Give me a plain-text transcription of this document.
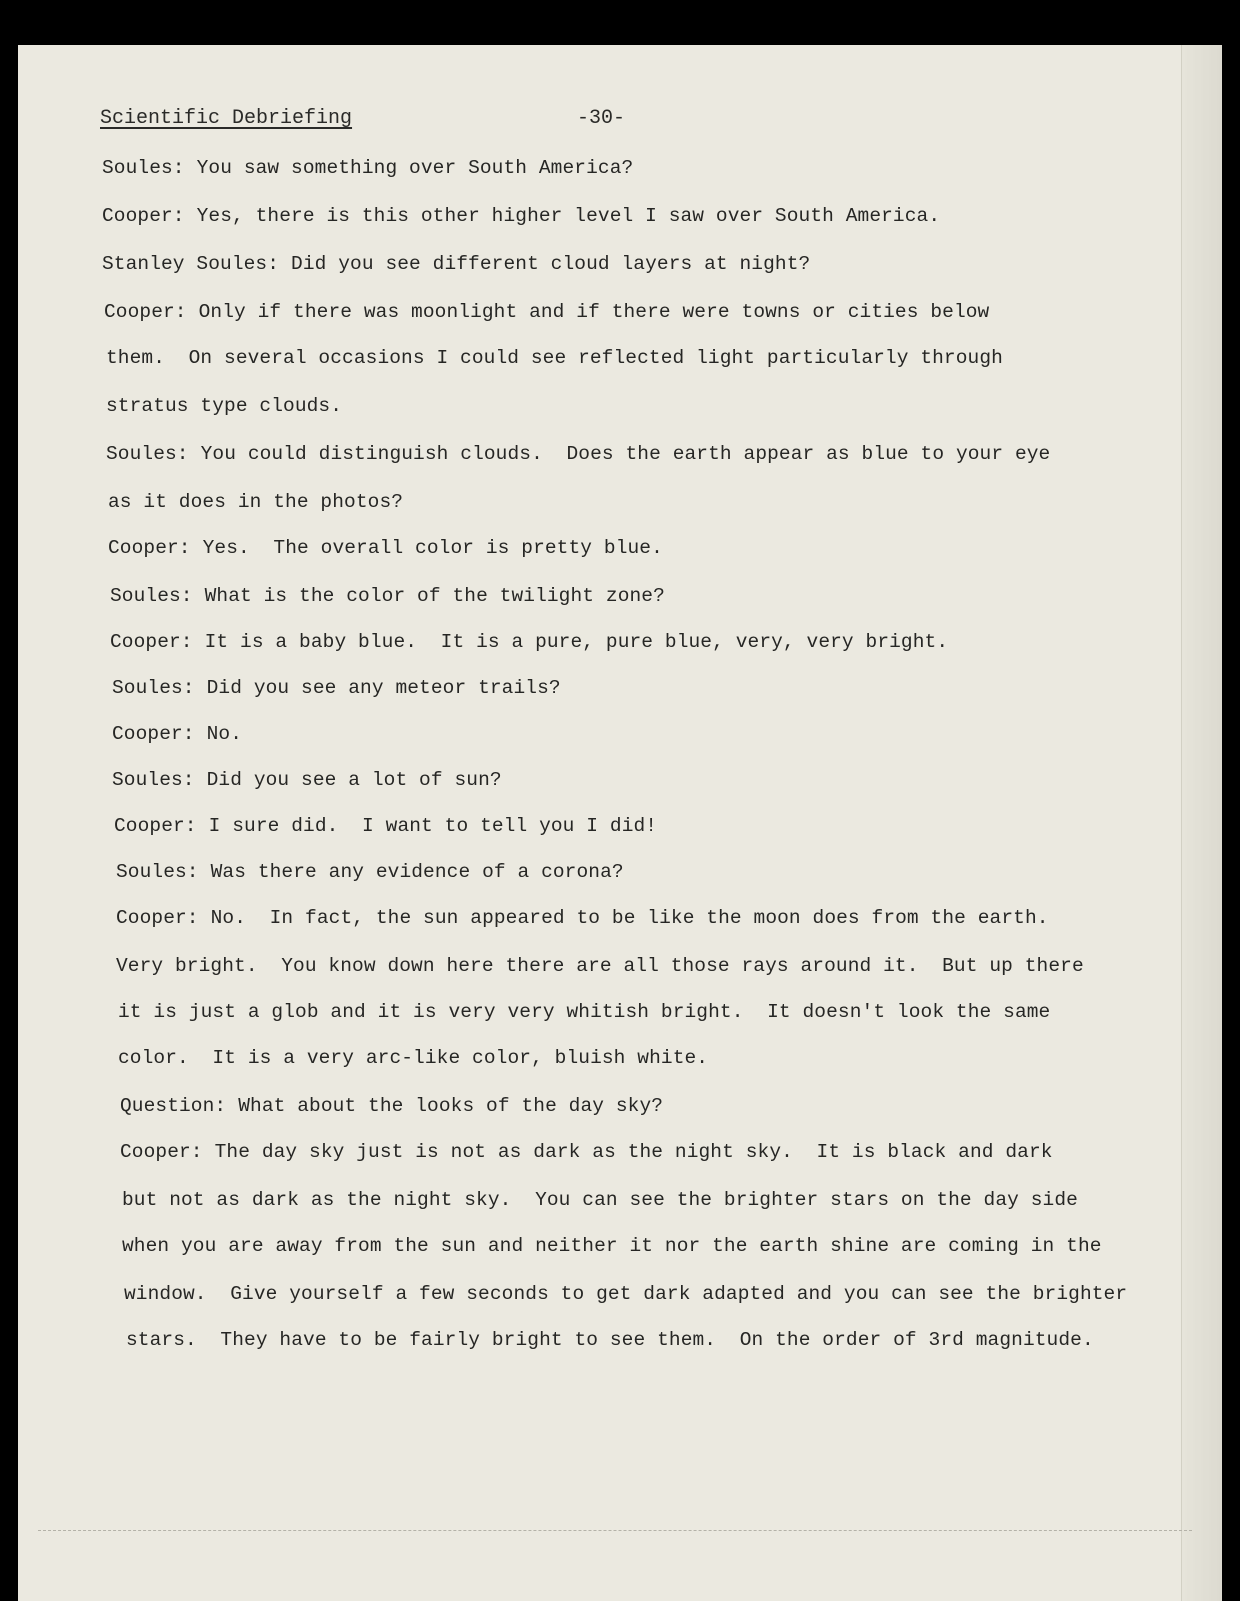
Scientific Debriefing	-30-
Soules: You saw something over South America?
Cooper: Yes, there is this other higher level I saw over South America.
Stanley Soules: Did you see different cloud layers at night?
Cooper: Only if there was moonlight and if there were towns or cities below
them.  On several occasions I could see reflected light particularly through
stratus type clouds.
Soules: You could distinguish clouds.  Does the earth appear as blue to your eye
as it does in the photos?
Cooper: Yes.  The overall color is pretty blue.
Soules: What is the color of the twilight zone?
Cooper: It is a baby blue.  It is a pure, pure blue, very, very bright.
Soules: Did you see any meteor trails?
Cooper: No.
Soules: Did you see a lot of sun?
Cooper: I sure did.  I want to tell you I did!
Soules: Was there any evidence of a corona?
Cooper: No.  In fact, the sun appeared to be like the moon does from the earth.
Very bright.  You know down here there are all those rays around it.  But up there
it is just a glob and it is very very whitish bright.  It doesn't look the same
color.  It is a very arc-like color, bluish white.
Question: What about the looks of the day sky?
Cooper: The day sky just is not as dark as the night sky.  It is black and dark
but not as dark as the night sky.  You can see the brighter stars on the day side
when you are away from the sun and neither it nor the earth shine are coming in the
window.  Give yourself a few seconds to get dark adapted and you can see the brighter
stars.  They have to be fairly bright to see them.  On the order of 3rd magnitude.
